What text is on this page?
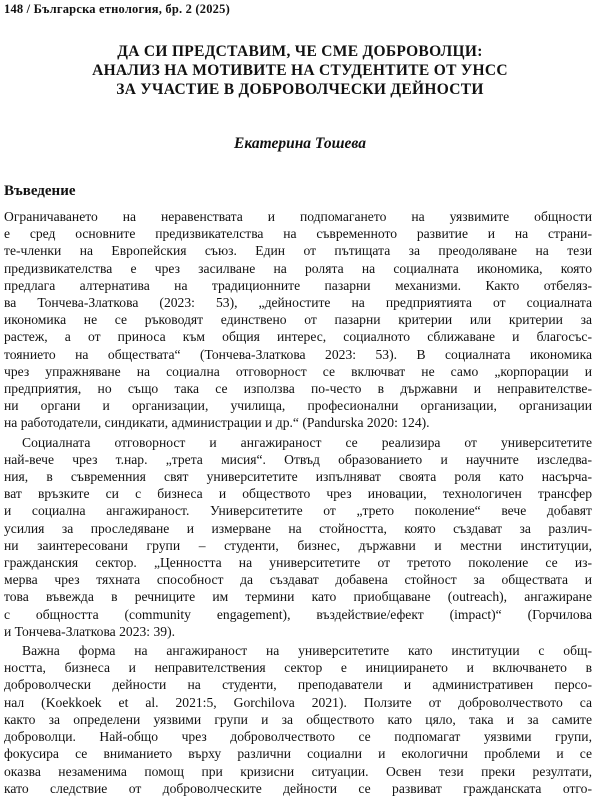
148 / Българска етнология, бр. 2 (2025)
ДА СИ ПРЕДСТАВИМ, ЧЕ СМЕ ДОБРОВОЛЦИ:
АНАЛИЗ НА МОТИВИТЕ НА СТУДЕНТИТЕ ОТ УНСС
ЗА УЧАСТИЕ В ДОБРОВОЛЧЕСКИ ДЕЙНОСТИ
Екатерина Тошева
Въведение

Ограничаването на неравенствата и подпомагането на уязвимите общности
е сред основните предизвикателства на съвременното развитие и на страни-
те-членки на Европейския съюз. Един от пътищата за преодоляване на тези
предизвикателства е чрез засилване на ролята на социалната икономика, която
предлага алтернатива на традиционните пазарни механизми. Както отбеляз-
ва Тончева-Златкова (2023: 53), „дейностите на предприятията от социалната
икономика не се ръководят единствено от пазарни критерии или критерии за
растеж, а от приноса към общия интерес, социалното сближаване и благосъс-
тоянието на обществата“ (Тончева-Златкова 2023: 53). В социалната икономика
чрез упражняване на социална отговорност се включват не само „корпорации и
предприятия, но също така се използва по-често в държавни и неправителстве-
ни органи и организации, училища, професионални организации, организации
на работодатели, синдикати, администрации и др.“ (Pandurska 2020: 124).

Социалната отговорност и ангажираност се реализира от университетите
най-вече чрез т.нар. „трета мисия“. Отвъд образованието и научните изследва-
ния, в съвременния свят университетите изпълняват своята роля като насърча-
ват връзките си с бизнеса и обществото чрез иновации, технологичен трансфер
и социална ангажираност. Университетите от „трето поколение“ вече добавят
усилия за проследяване и измерване на стойността, която създават за различ-
ни заинтересовани групи – студенти, бизнес, държавни и местни институции,
гражданския сектор. „Ценността на университетите от третото поколение се из-
мерва чрез тяхната способност да създават добавена стойност за обществата и
това въвежда в речниците им термини като приобщаване (outreach), ангажиране
с общността (community engagement), въздействие/ефект (impact)“ (Горчилова
и Тончева-Златкова 2023: 39).

Важна форма на ангажираност на университетите като институции с общ-
ността, бизнеса и неправителствения сектор е инициирането и включването в
доброволчески дейности на студенти, преподаватели и административен персо-
нал (Koekkoek et al. 2021:5, Gorchilova 2021). Ползите от доброволчеството са
както за определени уязвими групи и за обществото като цяло, така и за самите
доброволци. Най-общо чрез доброволчеството се подпомагат уязвими групи,
фокусира се вниманието върху различни социални и екологични проблеми и се
оказва незаменима помощ при кризисни ситуации. Освен тези преки резултати,
като следствие от доброволческите дейности се развиват гражданската отго-
